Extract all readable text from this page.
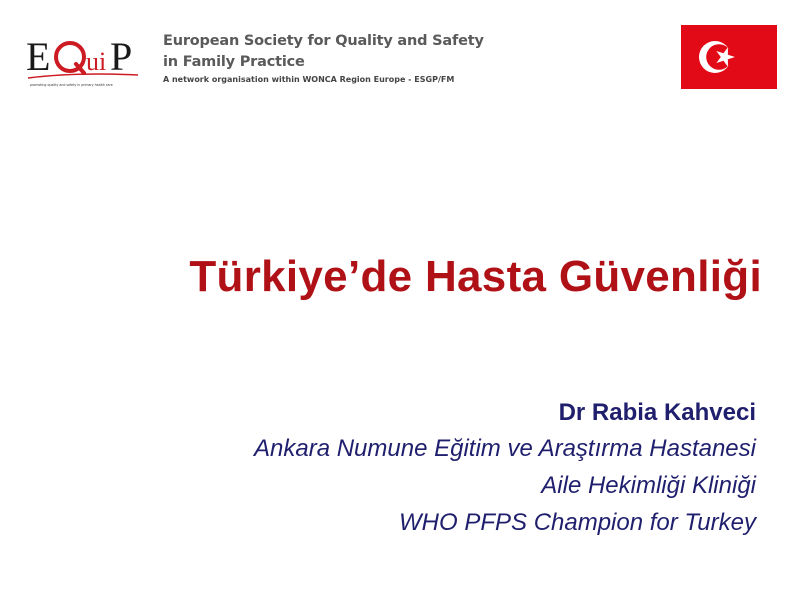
E ui P
promoting quality and safety in primary health care
European Society for Quality and Safety
in Family Practice
A network organisation within WONCA Region Europe - ESGP/FM
Türkiye’de Hasta Güvenliği
Dr Rabia Kahveci
Ankara Numune Eğitim ve Araştırma Hastanesi
Aile Hekimliği Kliniği
WHO PFPS Champion for Turkey
